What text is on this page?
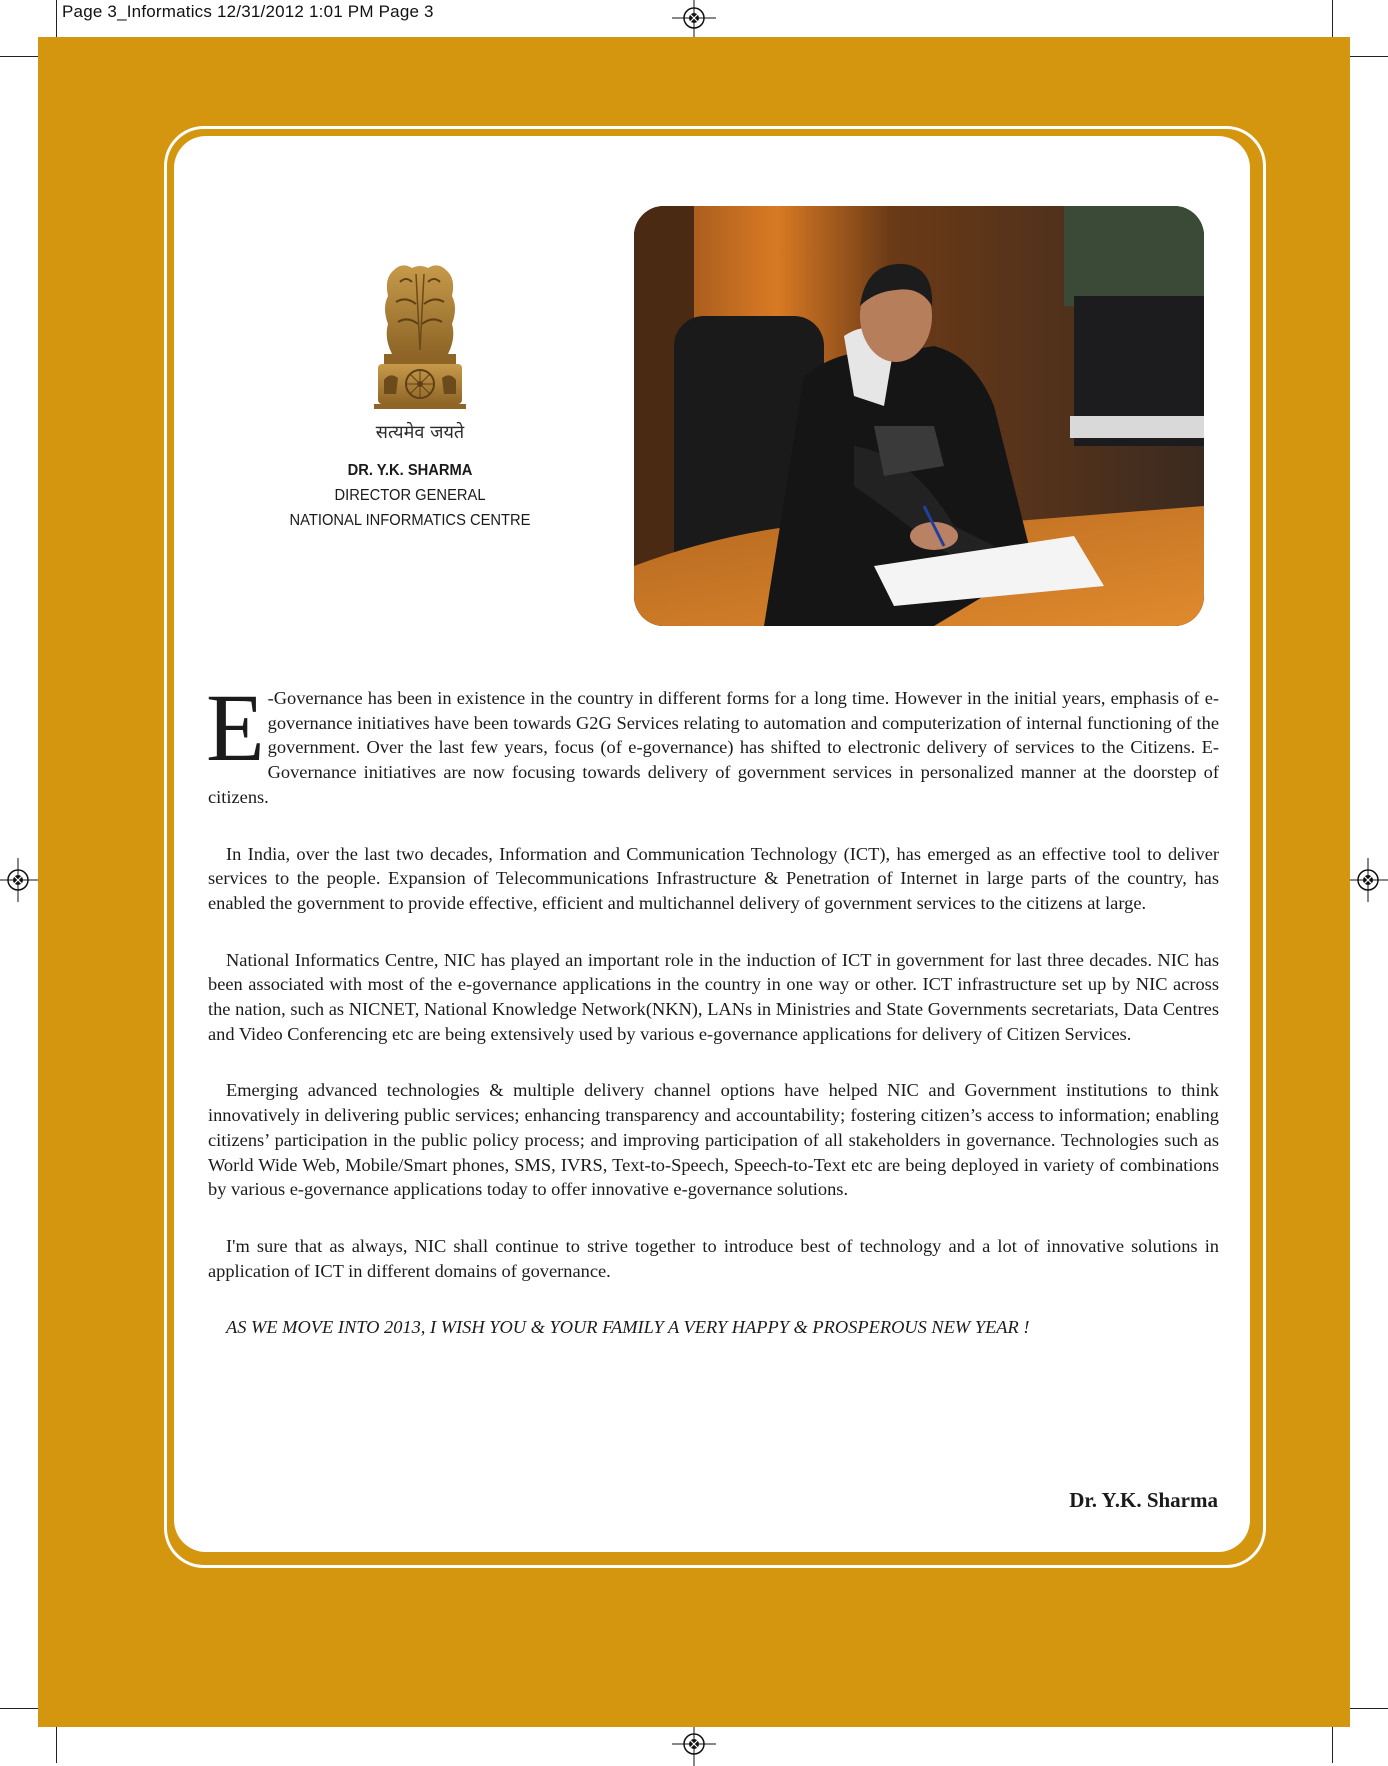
Page 3_Informatics 12/31/2012 1:01 PM Page 3
सत्यमेव जयते
DR. Y.K. SHARMA
DIRECTOR GENERAL
NATIONAL INFORMATICS CENTRE

E -Governance has been in existence in the country in different forms for a long time. However in the initial years, emphasis of e-governance initiatives have been towards G2G Services relating to automation and computerization of internal functioning of the government. Over the last few years, focus (of e-governance) has shifted to electronic delivery of services to the Citizens. E-Governance initiatives are now focusing towards delivery of government services in personalized manner at the doorstep of citizens.

In India, over the last two decades, Information and Communication Technology (ICT), has emerged as an effective tool to deliver services to the people. Expansion of Telecommunications Infrastructure & Penetration of Internet in large parts of the country, has enabled the government to provide effective, efficient and multichannel delivery of government services to the citizens at large.

National Informatics Centre, NIC has played an important role in the induction of ICT in government for last three decades. NIC has been associated with most of the e-governance applications in the country in one way or other. ICT infrastructure set up by NIC across the nation, such as NICNET, National Knowledge Network(NKN), LANs in Ministries and State Governments secretariats, Data Centres and Video Conferencing etc are being extensively used by various e-governance applications for delivery of Citizen Services.

Emerging advanced technologies & multiple delivery channel options have helped NIC and Government institutions to think innovatively in delivering public services; enhancing transparency and accountability; fostering citizen’s access to information; enabling citizens’ participation in the public policy process; and improving participation of all stakeholders in governance. Technologies such as World Wide Web, Mobile/Smart phones, SMS, IVRS, Text-to-Speech, Speech-to-Text etc are being deployed in variety of combinations by various e-governance applications today to offer innovative e-governance solutions.

I'm sure that as always, NIC shall continue to strive together to introduce best of technology and a lot of innovative solutions in application of ICT in different domains of governance.

AS WE MOVE INTO 2013, I WISH YOU & YOUR FAMILY A VERY HAPPY & PROSPEROUS NEW YEAR !

Dr. Y.K. Sharma
